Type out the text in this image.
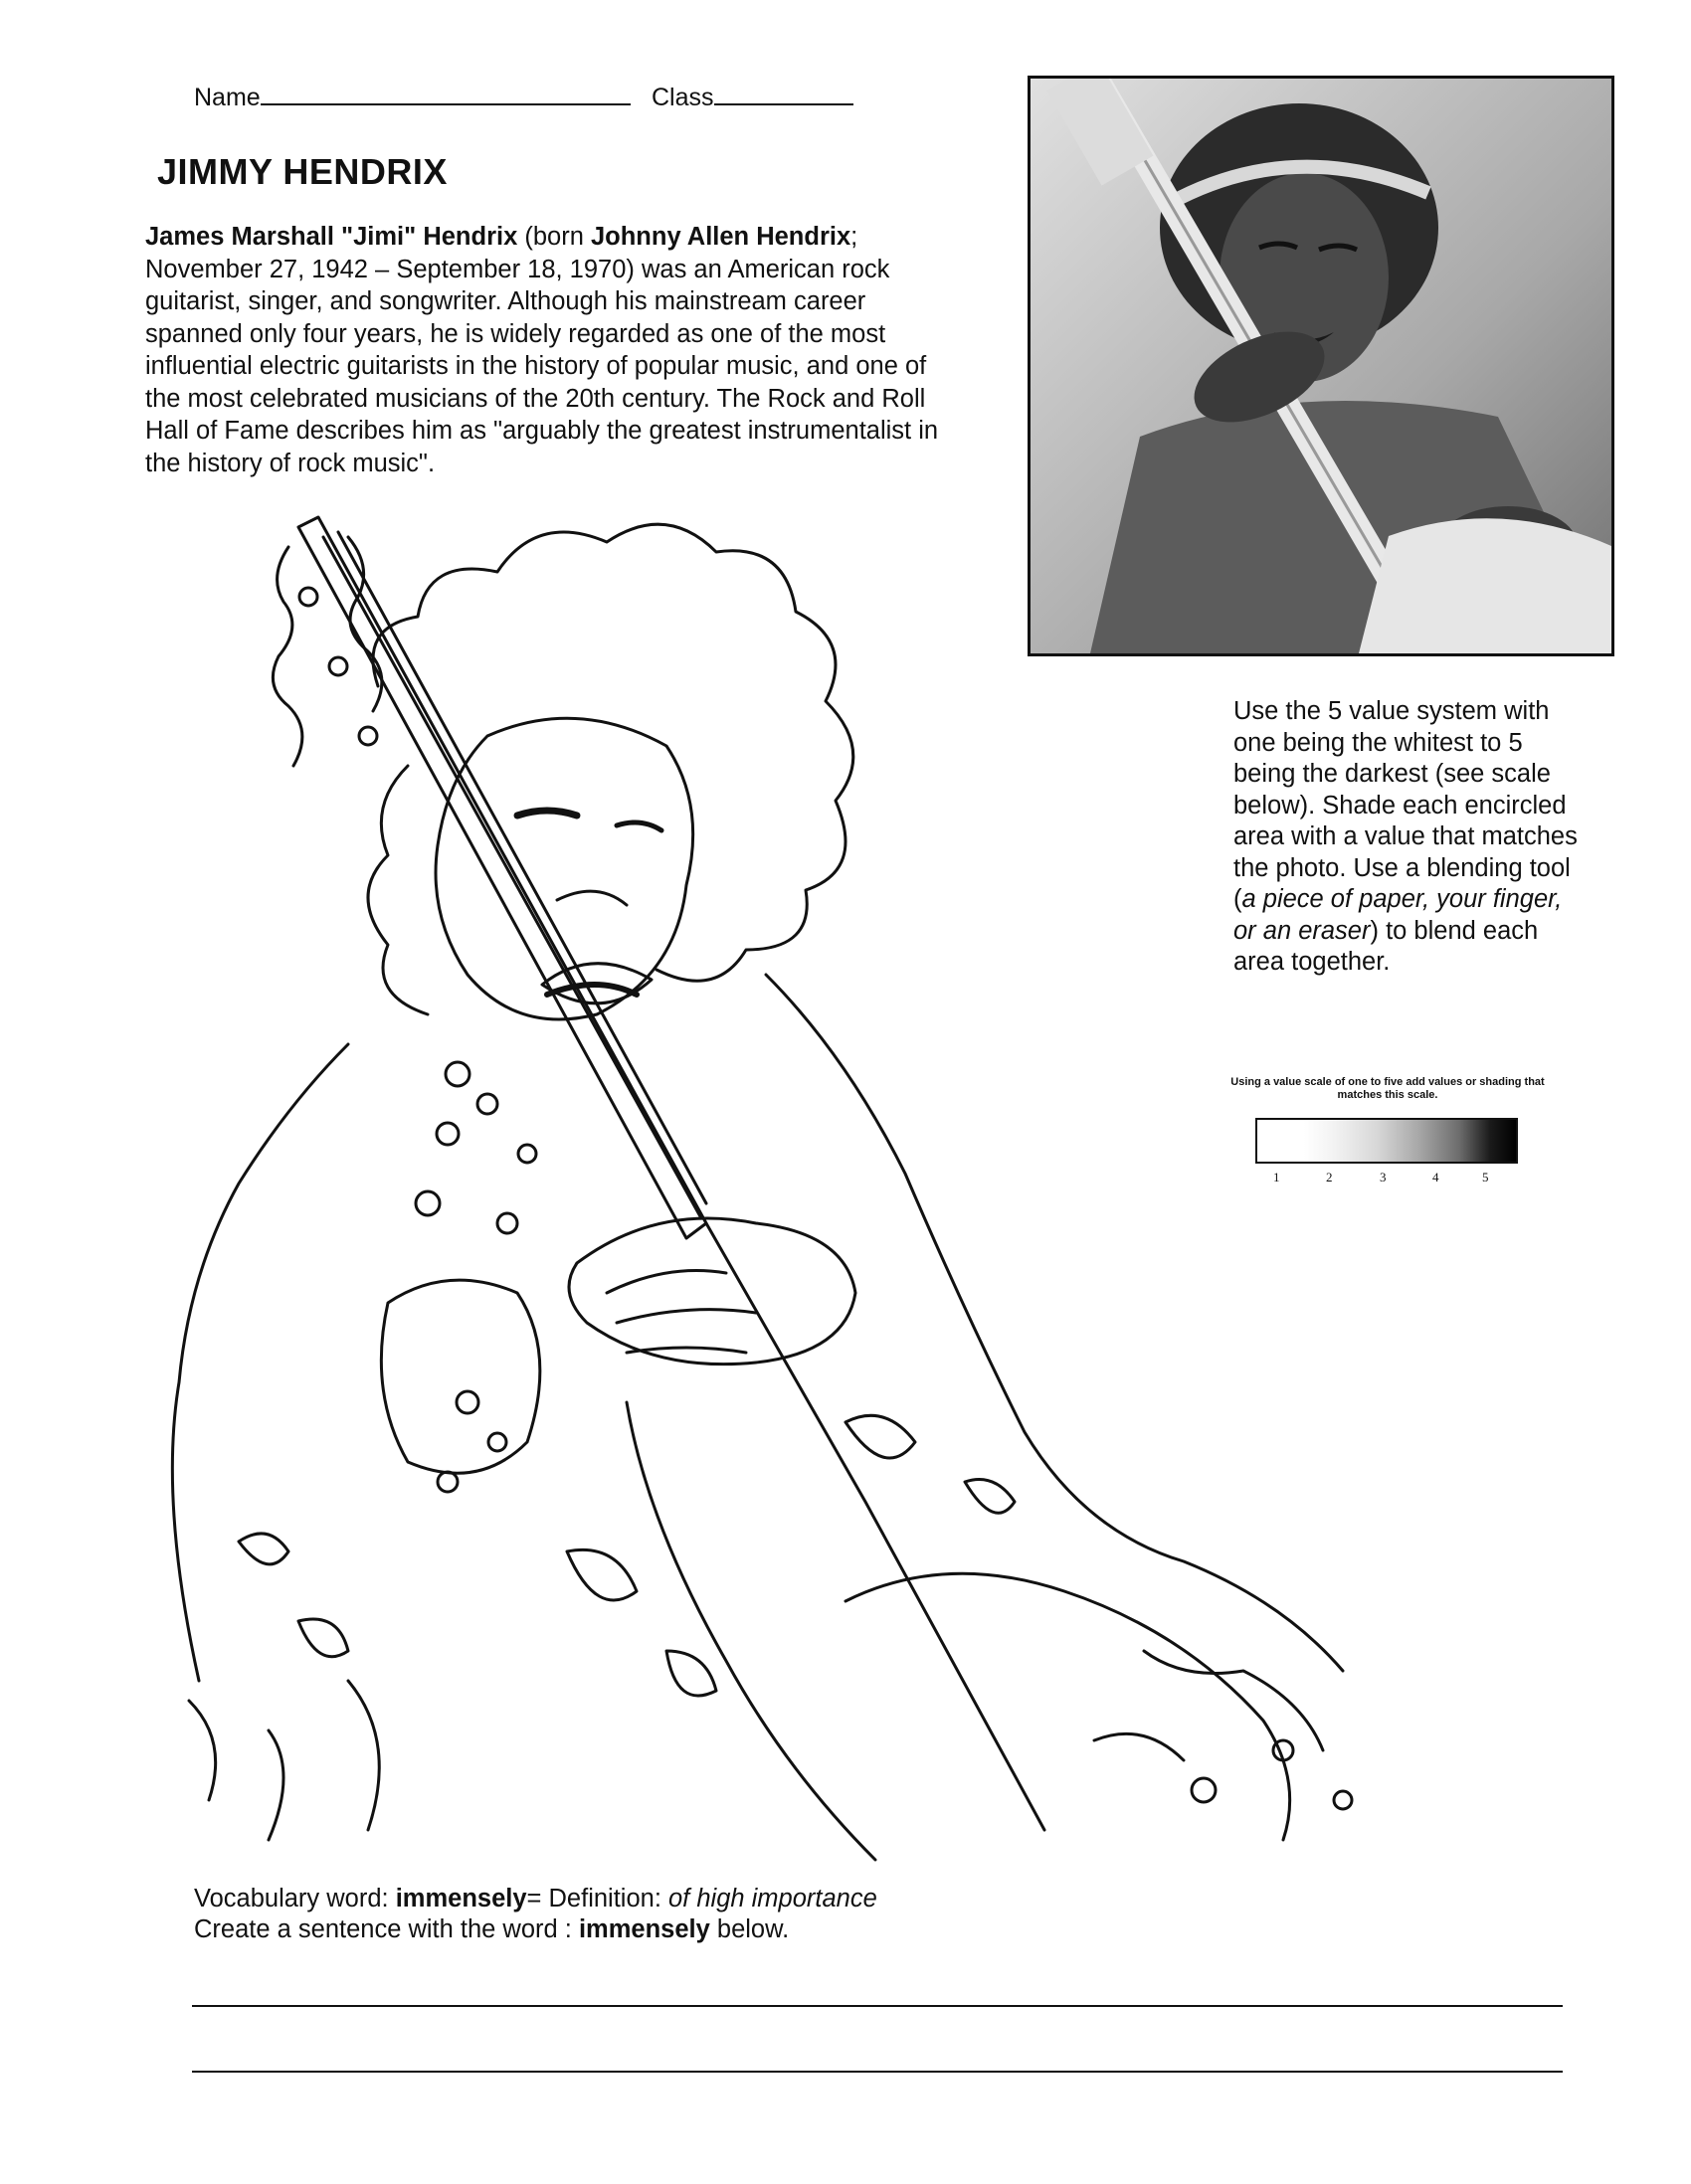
Name	Class
JIMMY HENDRIX
James Marshall "Jimi" Hendrix (born Johnny Allen Hendrix; November 27, 1942 – September 18, 1970) was an American rock guitarist, singer, and songwriter. Although his mainstream career spanned only four years, he is widely regarded as one of the most influential electric guitarists in the history of popular music, and one of the most celebrated musicians of the 20th century. The Rock and Roll Hall of Fame describes him as "arguably the greatest instrumentalist in the history of rock music".
Use the 5 value system with one being the whitest to 5 being the darkest (see scale below). Shade each encircled area with a value that matches the photo. Use a blending tool (a piece of paper, your finger, or an eraser) to blend each area together.
Using a value scale of one to five add values or shading that matches this scale.
1	2	3	4	5
Vocabulary word: immensely= Definition: of high importance
Create a sentence with the word : immensely below.
